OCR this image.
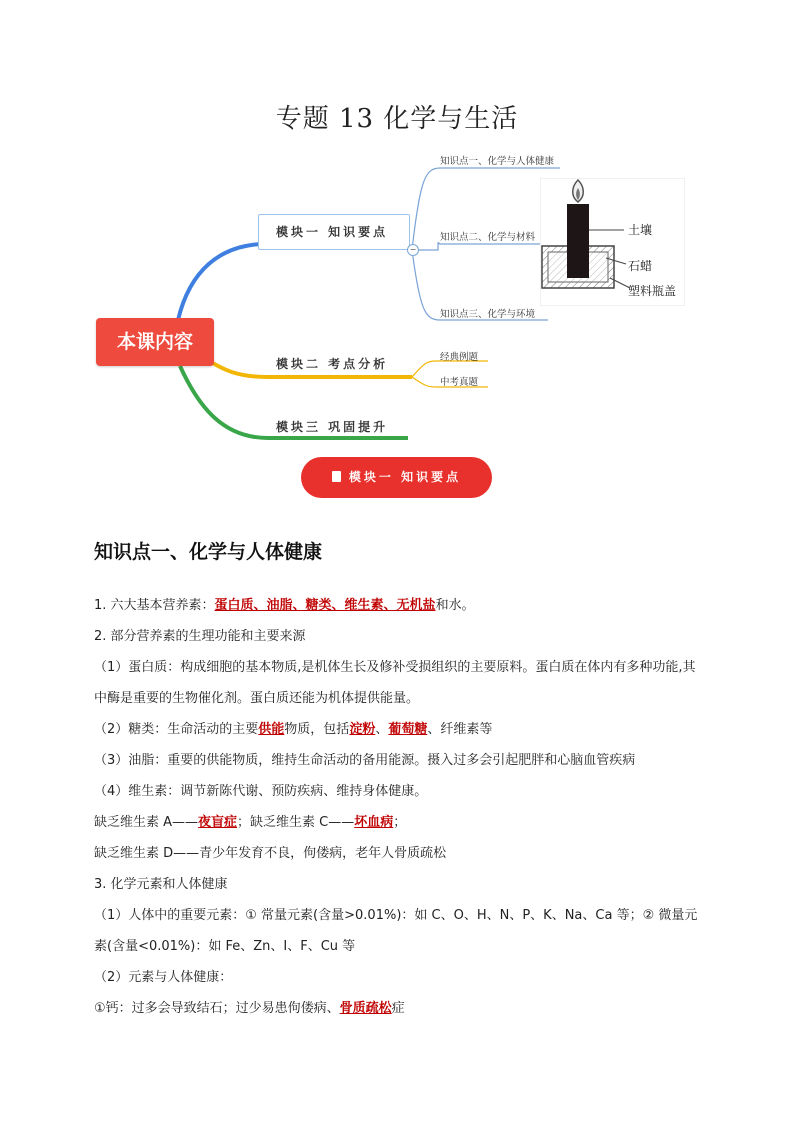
专题 13 化学与生活
模块一 知识要点
−
模块二 考点分析
模块三 巩固提升
本课内容
知识点一、化学与人体健康
知识点二、化学与材料
知识点三、化学与环境
经典例题
中考真题
土壤
石蜡
塑料瓶盖
模块一 知识要点
知识点一、化学与人体健康

1. 六大基本营养素：蛋白质、油脂、糖类、维生素、无机盐和水。

2. 部分营养素的生理功能和主要来源

（1）蛋白质：构成细胞的基本物质,是机体生长及修补受损组织的主要原料。蛋白质在体内有多种功能,其中酶是重要的生物催化剂。蛋白质还能为机体提供能量。

（2）糖类：生命活动的主要供能物质，包括淀粉、葡萄糖、纤维素等

（3）油脂：重要的供能物质，维持生命活动的备用能源。摄入过多会引起肥胖和心脑血管疾病

（4）维生素：调节新陈代谢、预防疾病、维持身体健康。

缺乏维生素 A——夜盲症；缺乏维生素 C——坏血病；

缺乏维生素 D——青少年发育不良，佝偻病，老年人骨质疏松

3. 化学元素和人体健康

（1）人体中的重要元素：① 常量元素(含量>0.01%)：如 C、O、H、N、P、K、Na、Ca 等；② 微量元素(含量<0.01%)：如 Fe、Zn、I、F、Cu 等

（2）元素与人体健康：

①钙：过多会导致结石；过少易患佝偻病、骨质疏松症
